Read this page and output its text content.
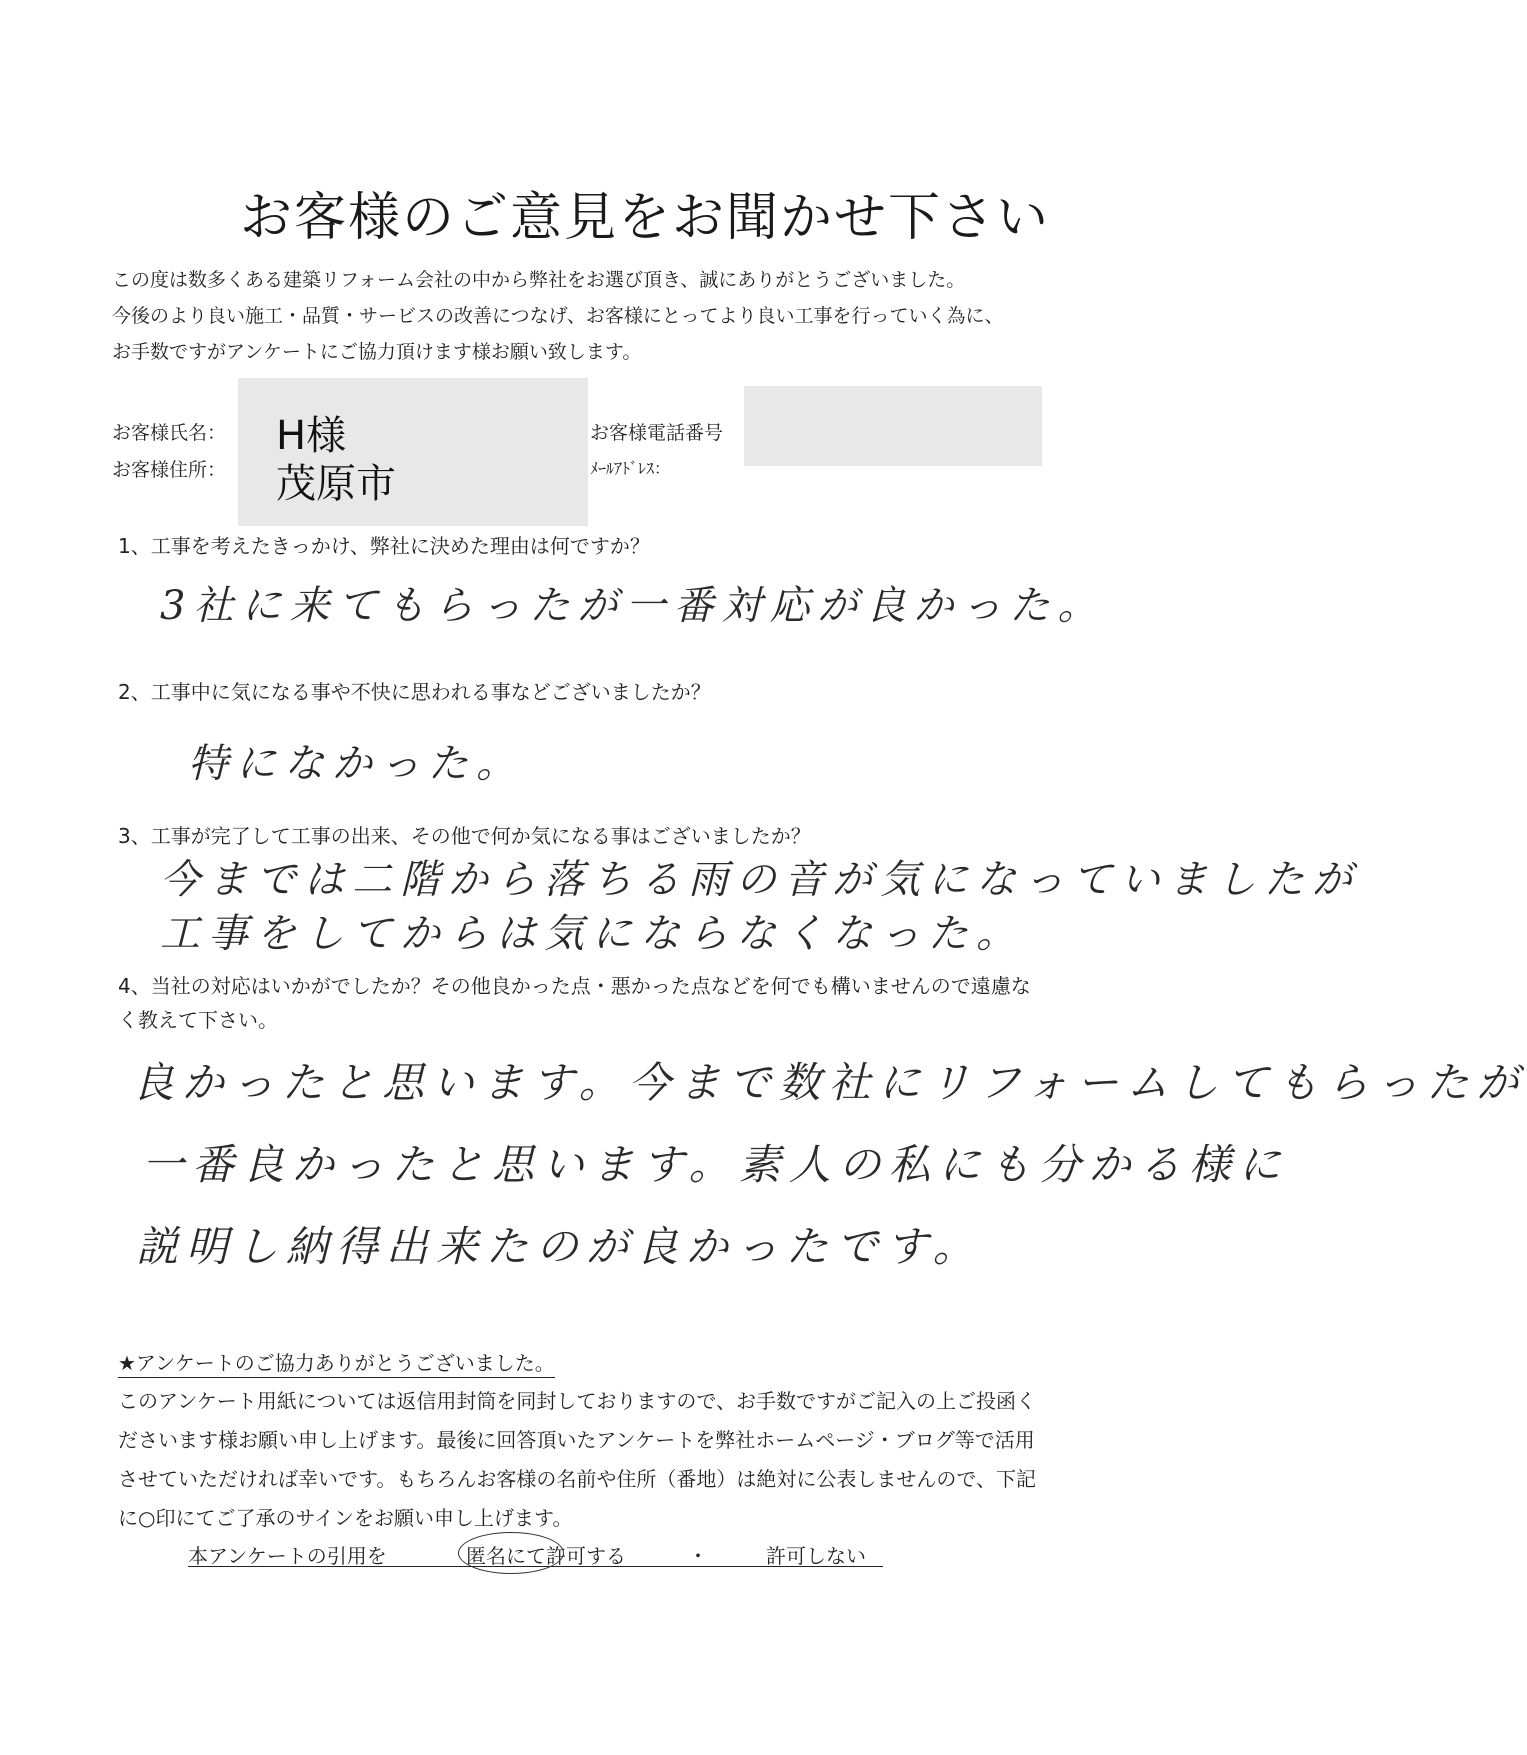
お客様のご意見をお聞かせ下さい
この度は数多くある建築リフォーム会社の中から弊社をお選び頂き、誠にありがとうございました。
今後のより良い施工・品質・サービスの改善につなげ、お客様にとってより良い工事を行っていく為に、
お手数ですがアンケートにご協力頂けます様お願い致します。
お客様氏名： H様
お客様住所： 茂原市
お客様電話番号
ﾒｰﾙｱﾄﾞﾚｽ：
1、工事を考えたきっかけ、弊社に決めた理由は何ですか？
3社に来てもらったが一番対応が良かった。
2、工事中に気になる事や不快に思われる事などございましたか？
特になかった。
3、工事が完了して工事の出来、その他で何か気になる事はございましたか？
今までは二階から落ちる雨の音が気になっていましたが
工事をしてからは気にならなくなった。
4、当社の対応はいかがでしたか？その他良かった点・悪かった点などを何でも構いませんので遠慮な
く教えて下さい。
良かったと思います。今まで数社にリフォームしてもらったが
一番良かったと思います。素人の私にも分かる様に
説明し納得出来たのが良かったです。
★アンケートのご協力ありがとうございました。
このアンケート用紙については返信用封筒を同封しておりますので、お手数ですがご記入の上ご投函く
ださいます様お願い申し上げます。最後に回答頂いたアンケートを弊社ホームページ・ブログ等で活用
させていただければ幸いです。もちろんお客様の名前や住所（番地）は絶対に公表しませんので、下記
に○印にてご了承のサインをお願い申し上げます。
本アンケートの引用を	匿名にて許可する	・	許可しない
